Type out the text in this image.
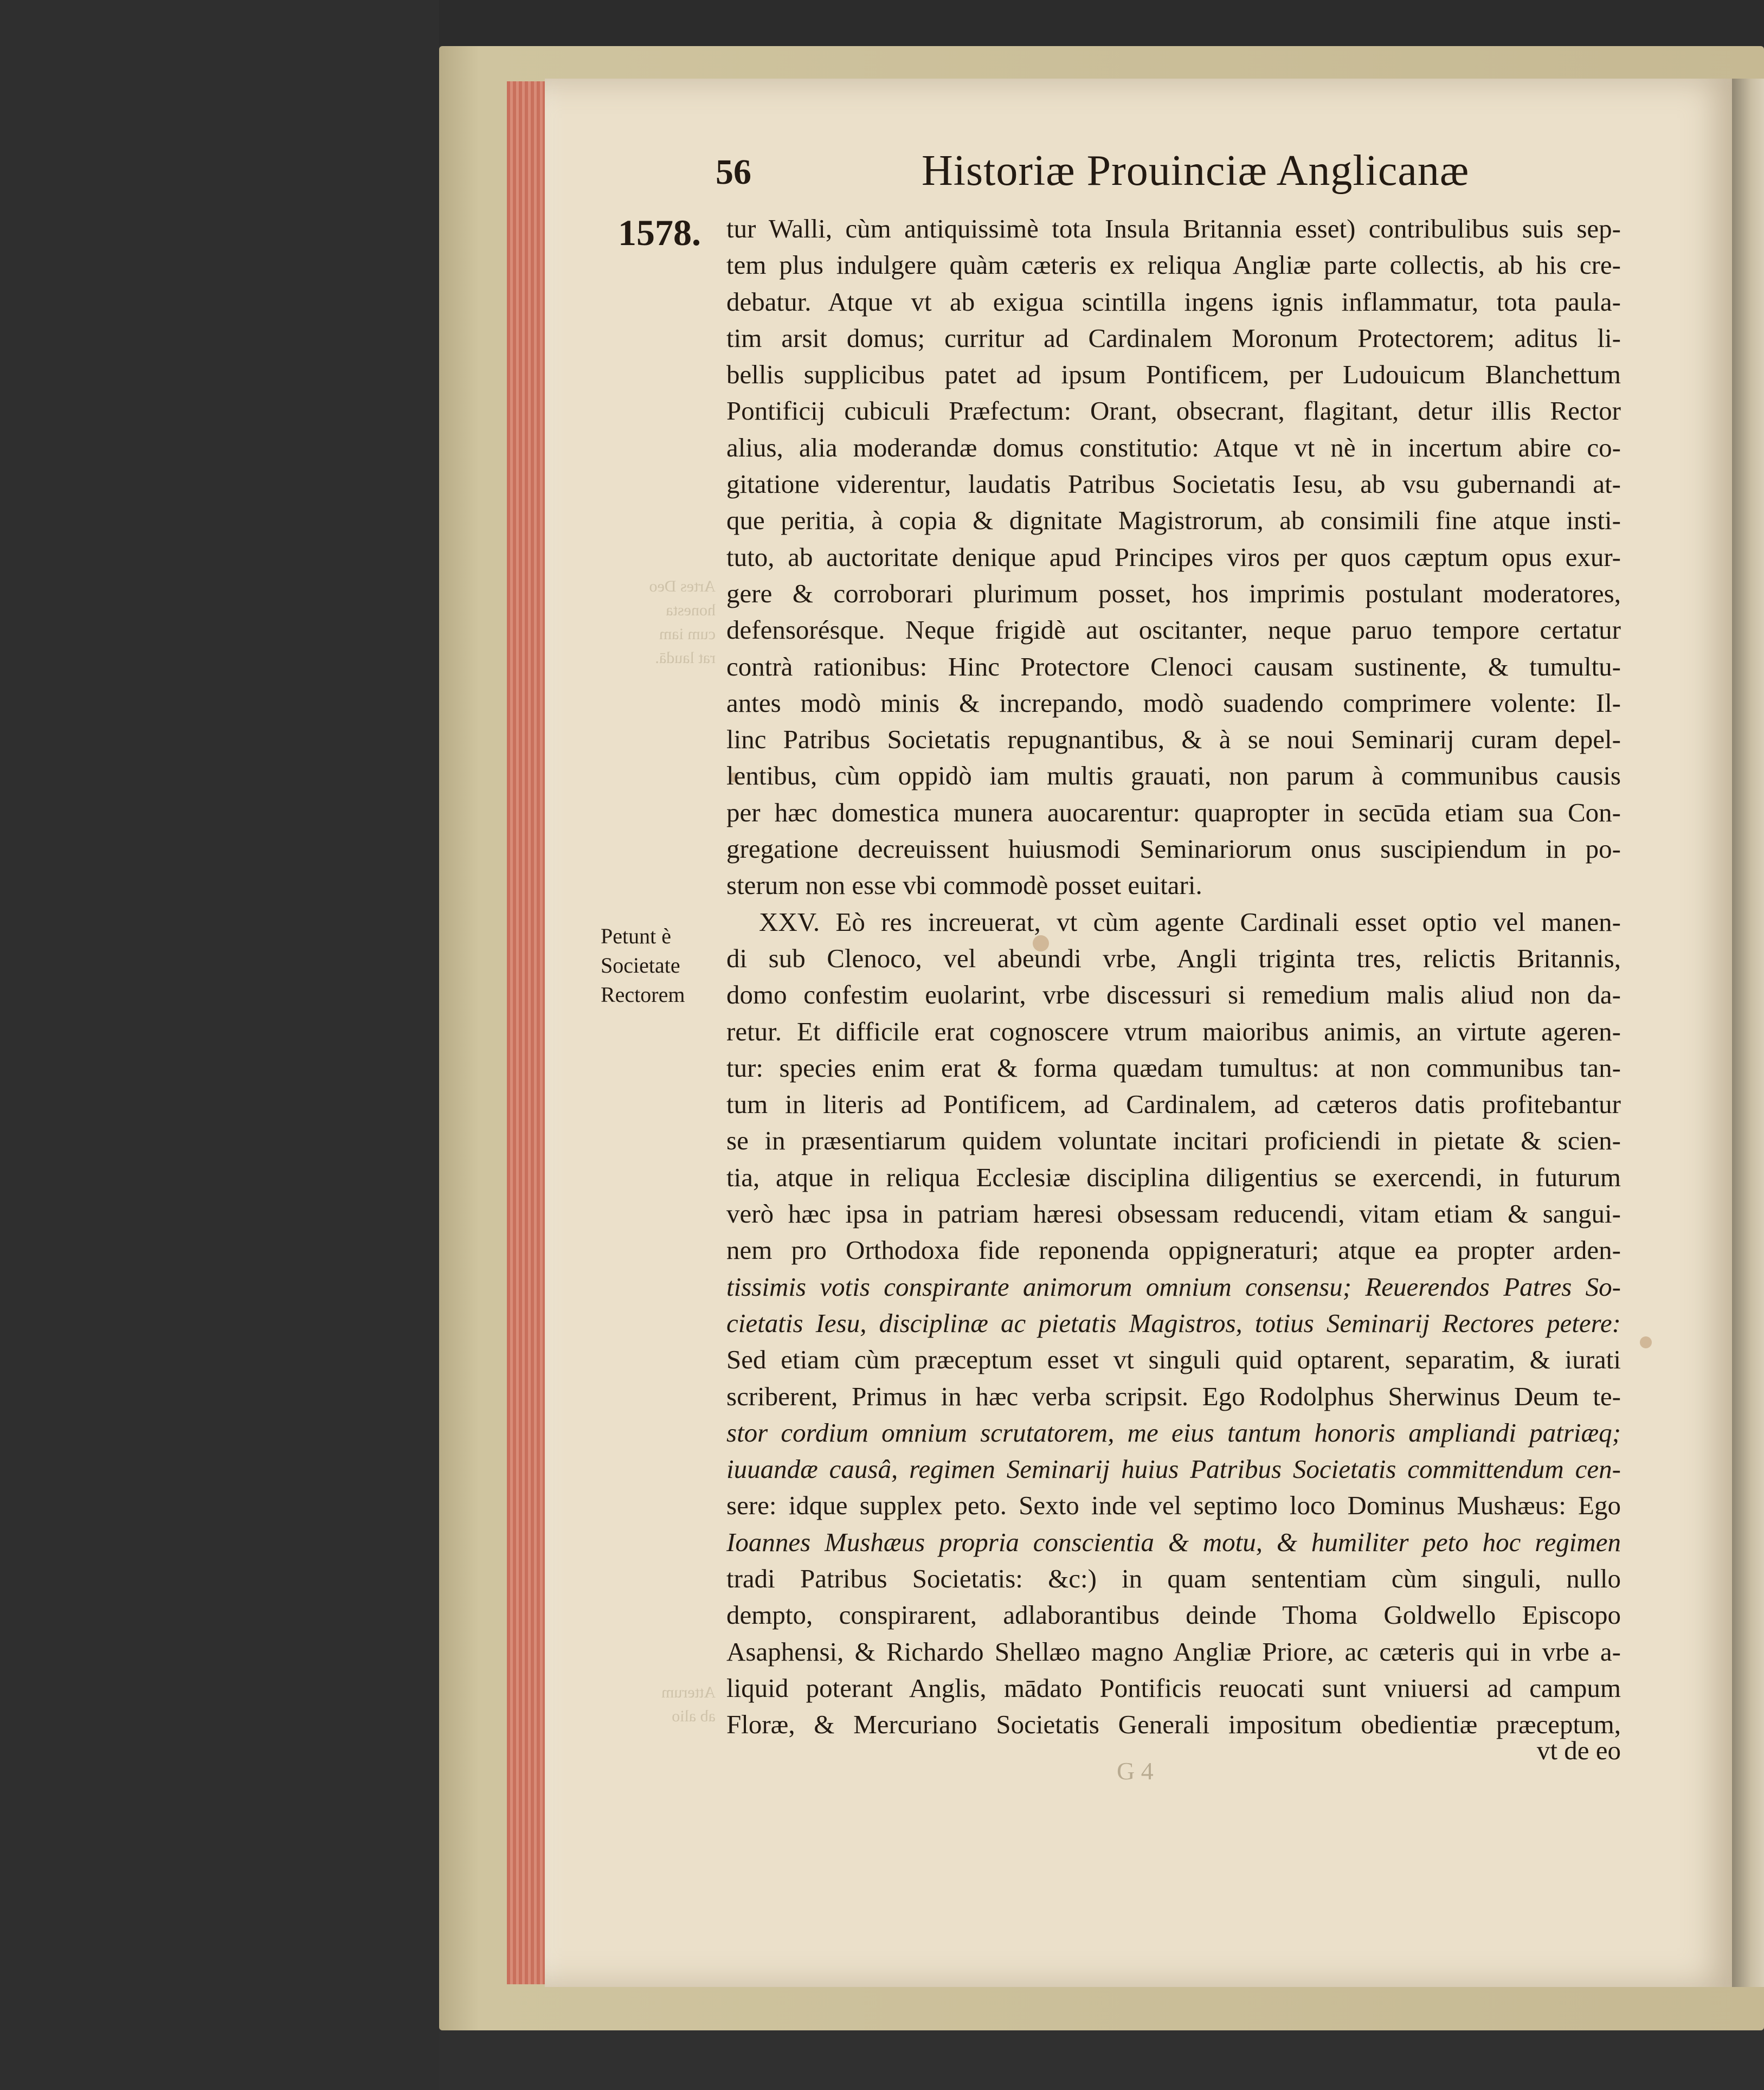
Artes Deo
honesta
cum iam
rat laudā.
Atterum
ab alio
56	Historiæ Prouinciæ Anglicanæ
1578.
Petunt è
Societate
Rectorem
tur Walli, cùm antiquissimè tota Insula Britannia esset) contribulibus suis sep-
tem plus indulgere quàm cæteris ex reliqua Angliæ parte collectis, ab his cre-
debatur. Atque vt ab exigua scintilla ingens ignis inflammatur, tota paula-
tim arsit domus; curritur ad Cardinalem Moronum Protectorem; aditus li-
bellis supplicibus patet ad ipsum Pontificem, per Ludouicum Blanchettum
Pontificij cubiculi Præfectum: Orant, obsecrant, flagitant, detur illis Rector
alius, alia moderandæ domus constitutio: Atque vt nè in incertum abire co-
gitatione viderentur, laudatis Patribus Societatis Iesu, ab vsu gubernandi at-
que peritia, à copia & dignitate Magistrorum, ab consimili fine atque insti-
tuto, ab auctoritate denique apud Principes viros per quos cæptum opus exur-
gere & corroborari plurimum posset, hos imprimis postulant moderatores,
defensorésque. Neque frigidè aut oscitanter, neque paruo tempore certatur
contrà rationibus: Hinc Protectore Clenoci causam sustinente, & tumultu-
antes modò minis & increpando, modò suadendo comprimere volente: Il-
linc Patribus Societatis repugnantibus, & à se noui Seminarij curam depel-
lentibus, cùm oppidò iam multis grauati, non parum à communibus causis
per hæc domestica munera auocarentur: quapropter in secūda etiam sua Con-
gregatione decreuissent huiusmodi Seminariorum onus suscipiendum in po-
sterum non esse vbi commodè posset euitari.
XXV. Eò res increuerat, vt cùm agente Cardinali esset optio vel manen-
di sub Clenoco, vel abeundi vrbe, Angli triginta tres, relictis Britannis,
domo confestim euolarint, vrbe discessuri si remedium malis aliud non da-
retur. Et difficile erat cognoscere vtrum maioribus animis, an virtute ageren-
tur: species enim erat & forma quædam tumultus: at non communibus tan-
tum in literis ad Pontificem, ad Cardinalem, ad cæteros datis profitebantur
se in præsentiarum quidem voluntate incitari proficiendi in pietate & scien-
tia, atque in reliqua Ecclesiæ disciplina diligentius se exercendi, in futurum
verò hæc ipsa in patriam hæresi obsessam reducendi, vitam etiam & sangui-
nem pro Orthodoxa fide reponenda oppigneraturi; atque ea propter arden-
tissimis votis conspirante animorum omnium consensu; Reuerendos Patres So-
cietatis Iesu, disciplinæ ac pietatis Magistros, totius Seminarij Rectores petere:
Sed etiam cùm præceptum esset vt singuli quid optarent, separatim, & iurati
scriberent, Primus in hæc verba scripsit. Ego Rodolphus Sherwinus Deum te-
stor cordium omnium scrutatorem, me eius tantum honoris ampliandi patriæq;
iuuandæ causâ, regimen Seminarij huius Patribus Societatis committendum cen-
sere: idque supplex peto. Sexto inde vel septimo loco Dominus Mushæus: Ego
Ioannes Mushæus propria conscientia & motu, & humiliter peto hoc regimen
tradi Patribus Societatis: &c:) in quam sententiam cùm singuli, nullo
dempto, conspirarent, adlaborantibus deinde Thoma Goldwello Episcopo
Asaphensi, & Richardo Shellæo magno Angliæ Priore, ac cæteris qui in vrbe a-
liquid poterant Anglis, mādato Pontificis reuocati sunt vniuersi ad campum
Floræ, & Mercuriano Societatis Generali impositum obedientiæ præceptum,
vt de eo
G 4
